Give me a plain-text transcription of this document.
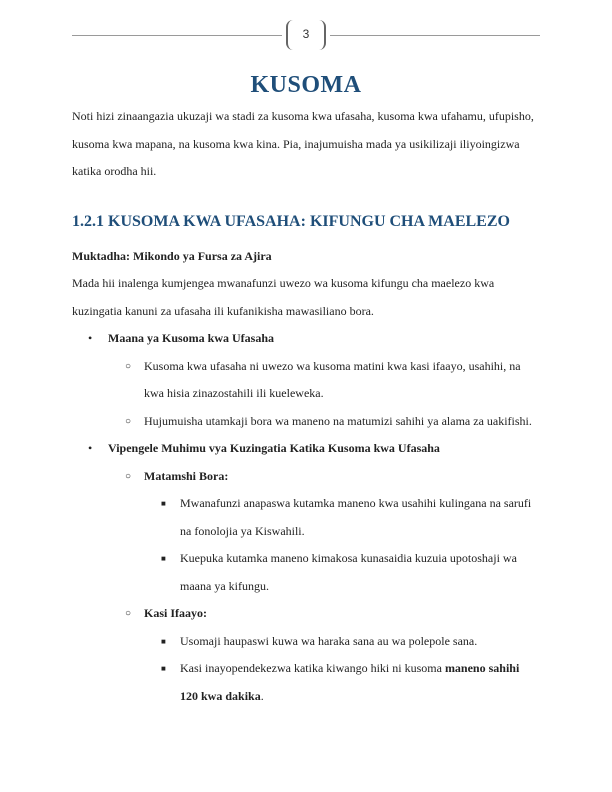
3
KUSOMA

Noti hizi zinaangazia ukuzaji wa stadi za kusoma kwa ufasaha, kusoma kwa ufahamu, ufupisho, kusoma kwa mapana, na kusoma kwa kina. Pia, inajumuisha mada ya usikilizaji iliyoingizwa katika orodha hii.

1.2.1 KUSOMA KWA UFASAHA: KIFUNGU CHA MAELEZO

Muktadha: Mikondo ya Fursa za Ajira

Mada hii inalenga kumjengea mwanafunzi uwezo wa kusoma kifungu cha maelezo kwa kuzingatia kanuni za ufasaha ili kufanikisha mawasiliano bora.

• Maana ya Kusoma kwa Ufasaha
○ Kusoma kwa ufasaha ni uwezo wa kusoma matini kwa kasi ifaayo, usahihi, na kwa hisia zinazostahili ili kueleweka.
○ Hujumuisha utamkaji bora wa maneno na matumizi sahihi ya alama za uakifishi.
• Vipengele Muhimu vya Kuzingatia Katika Kusoma kwa Ufasaha
○ Matamshi Bora:
■ Mwanafunzi anapaswa kutamka maneno kwa usahihi kulingana na sarufi na fonolojia ya Kiswahili.
■ Kuepuka kutamka maneno kimakosa kunasaidia kuzuia upotoshaji wa maana ya kifungu.
○ Kasi Ifaayo:
■ Usomaji haupaswi kuwa wa haraka sana au wa polepole sana.
■ Kasi inayopendekezwa katika kiwango hiki ni kusoma maneno sahihi 120 kwa dakika.
